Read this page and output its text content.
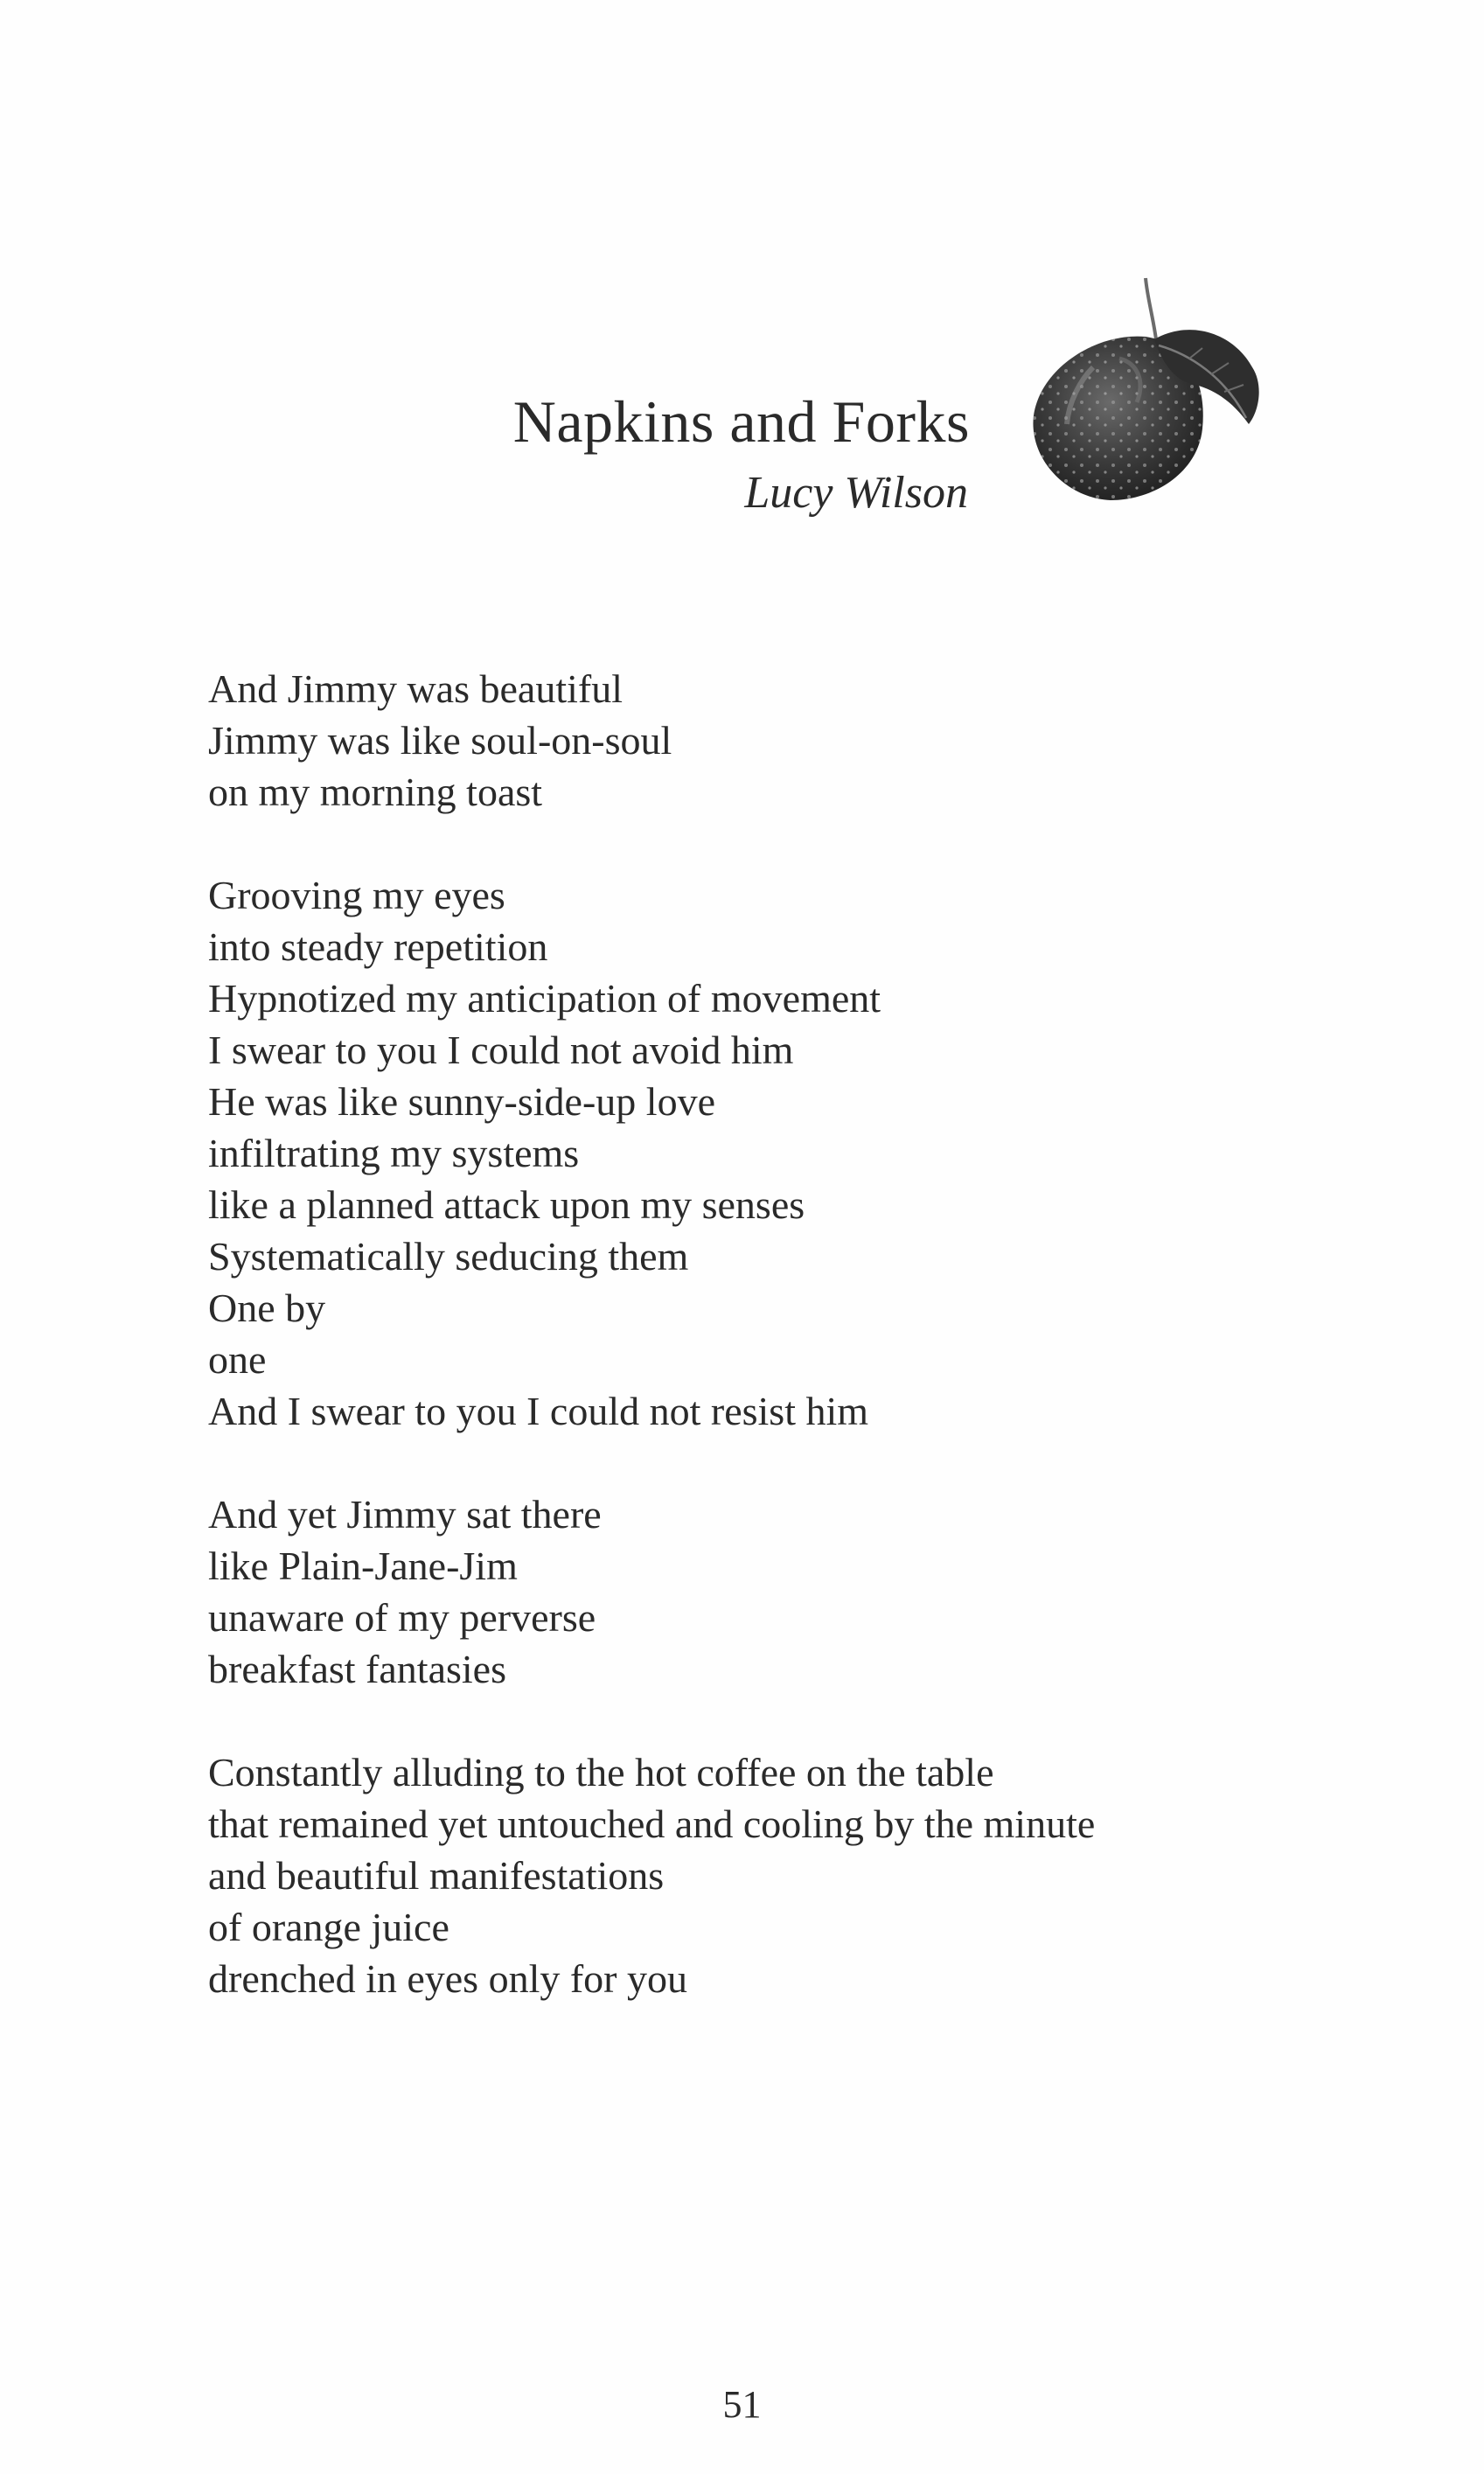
Napkins and Forks
Lucy Wilson
And Jimmy was beautiful
Jimmy was like soul-on-soul
on my morning toast
Grooving my eyes
into steady repetition
Hypnotized my anticipation of movement
I swear to you I could not avoid him
He was like sunny-side-up love
infiltrating my systems
like a planned attack upon my senses
Systematically seducing them
One by
one
And I swear to you I could not resist him
And yet Jimmy sat there
like Plain-Jane-Jim
unaware of my perverse
breakfast fantasies
Constantly alluding to the hot coffee on the table
that remained yet untouched and cooling by the minute
and beautiful manifestations
of orange juice
drenched in eyes only for you
51
